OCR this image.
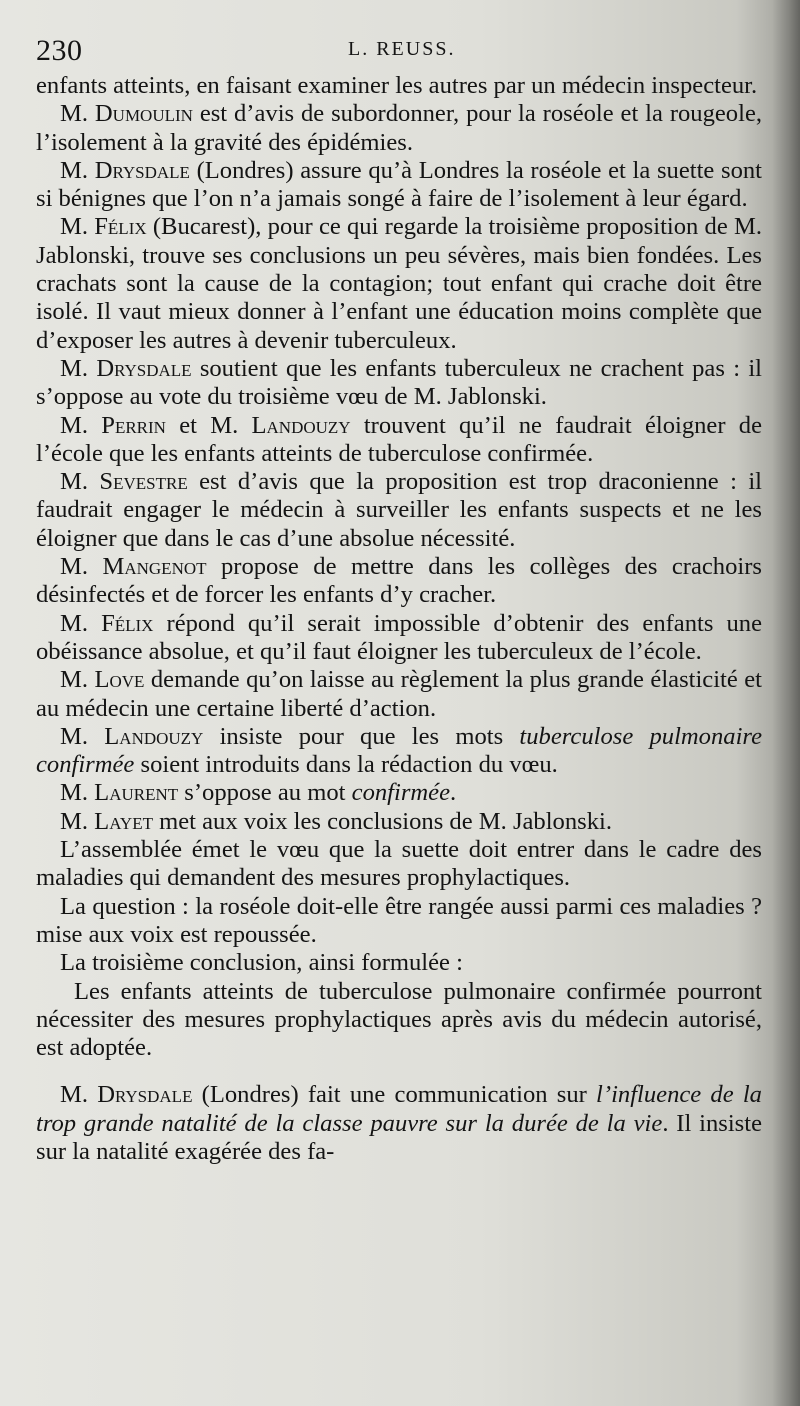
230	L. REUSS.

enfants atteints, en faisant examiner les autres par un médecin inspecteur.

M. Dumoulin est d’avis de subordonner, pour la roséole et la rougeole, l’isolement à la gravité des épidémies.

M. Drysdale (Londres) assure qu’à Londres la roséole et la suette sont si bénignes que l’on n’a jamais songé à faire de l’isolement à leur égard.

M. Félix (Bucarest), pour ce qui regarde la troisième proposition de M. Jablonski, trouve ses conclusions un peu sévères, mais bien fondées. Les crachats sont la cause de la contagion; tout enfant qui crache doit être isolé. Il vaut mieux donner à l’enfant une éducation moins complète que d’exposer les autres à devenir tuberculeux.

M. Drysdale soutient que les enfants tuberculeux ne crachent pas : il s’oppose au vote du troisième vœu de M. Jablonski.

M. Perrin et M. Landouzy trouvent qu’il ne faudrait éloigner de l’école que les enfants atteints de tuberculose confirmée.

M. Sevestre est d’avis que la proposition est trop draconienne : il faudrait engager le médecin à surveiller les enfants suspects et ne les éloigner que dans le cas d’une absolue nécessité.

M. Mangenot propose de mettre dans les collèges des crachoirs désinfectés et de forcer les enfants d’y cracher.

M. Félix répond qu’il serait impossible d’obtenir des enfants une obéissance absolue, et qu’il faut éloigner les tuberculeux de l’école.

M. Love demande qu’on laisse au règlement la plus grande élasticité et au médecin une certaine liberté d’action.

M. Landouzy insiste pour que les mots tuberculose pulmonaire confirmée soient introduits dans la rédaction du vœu.

M. Laurent s’oppose au mot confirmée.

M. Layet met aux voix les conclusions de M. Jablonski.

L’assemblée émet le vœu que la suette doit entrer dans le cadre des maladies qui demandent des mesures prophylactiques.

La question : la roséole doit-elle être rangée aussi parmi ces maladies ? mise aux voix est repoussée.

La troisième conclusion, ainsi formulée :

Les enfants atteints de tuberculose pulmonaire confirmée pourront nécessiter des mesures prophylactiques après avis du médecin autorisé, est adoptée.

M. Drysdale (Londres) fait une communication sur l’influence de la trop grande natalité de la classe pauvre sur la durée de la vie. Il insiste sur la natalité exagérée des fa-
